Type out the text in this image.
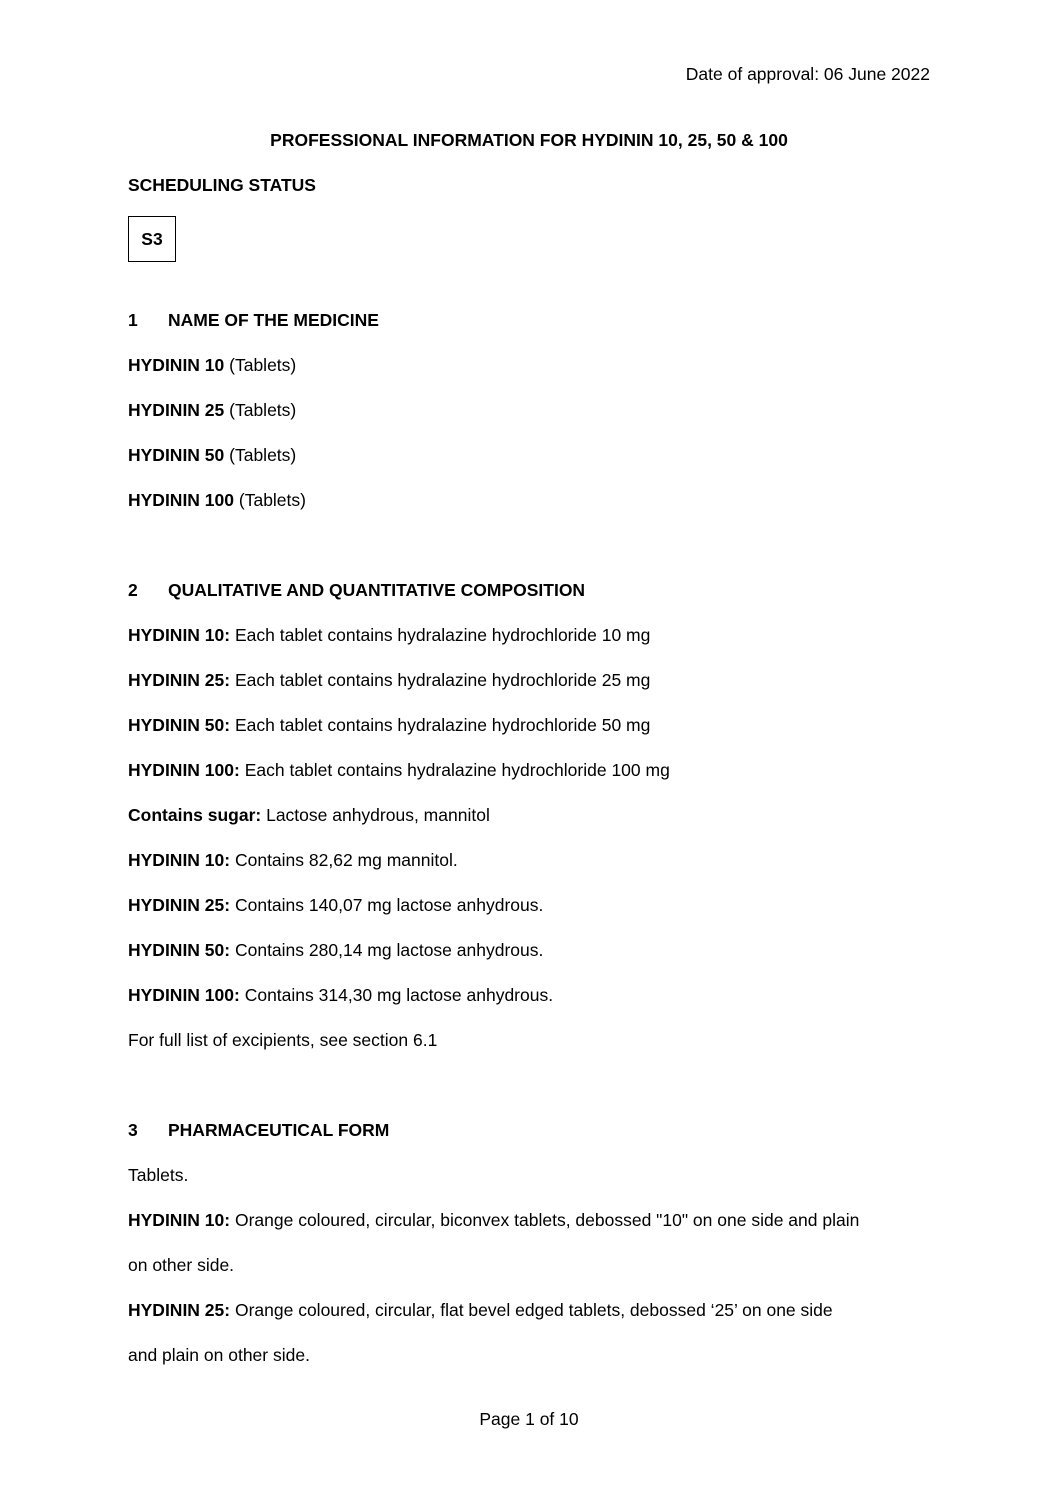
Date of approval: 06 June 2022
PROFESSIONAL INFORMATION FOR HYDININ 10, 25, 50 & 100
SCHEDULING STATUS
S3
1 NAME OF THE MEDICINE
HYDININ 10 (Tablets)
HYDININ 25 (Tablets)
HYDININ 50 (Tablets)
HYDININ 100 (Tablets)
2 QUALITATIVE AND QUANTITATIVE COMPOSITION
HYDININ 10: Each tablet contains hydralazine hydrochloride 10 mg
HYDININ 25: Each tablet contains hydralazine hydrochloride 25 mg
HYDININ 50: Each tablet contains hydralazine hydrochloride 50 mg
HYDININ 100: Each tablet contains hydralazine hydrochloride 100 mg
Contains sugar: Lactose anhydrous, mannitol
HYDININ 10: Contains 82,62 mg mannitol.
HYDININ 25: Contains 140,07 mg lactose anhydrous.
HYDININ 50: Contains 280,14 mg lactose anhydrous.
HYDININ 100: Contains 314,30 mg lactose anhydrous.
For full list of excipients, see section 6.1
3 PHARMACEUTICAL FORM
Tablets.
HYDININ 10: Orange coloured, circular, biconvex tablets, debossed "10" on one side and plain
on other side.
HYDININ 25: Orange coloured, circular, flat bevel edged tablets, debossed ‘25’ on one side
and plain on other side.
Page 1 of 10
